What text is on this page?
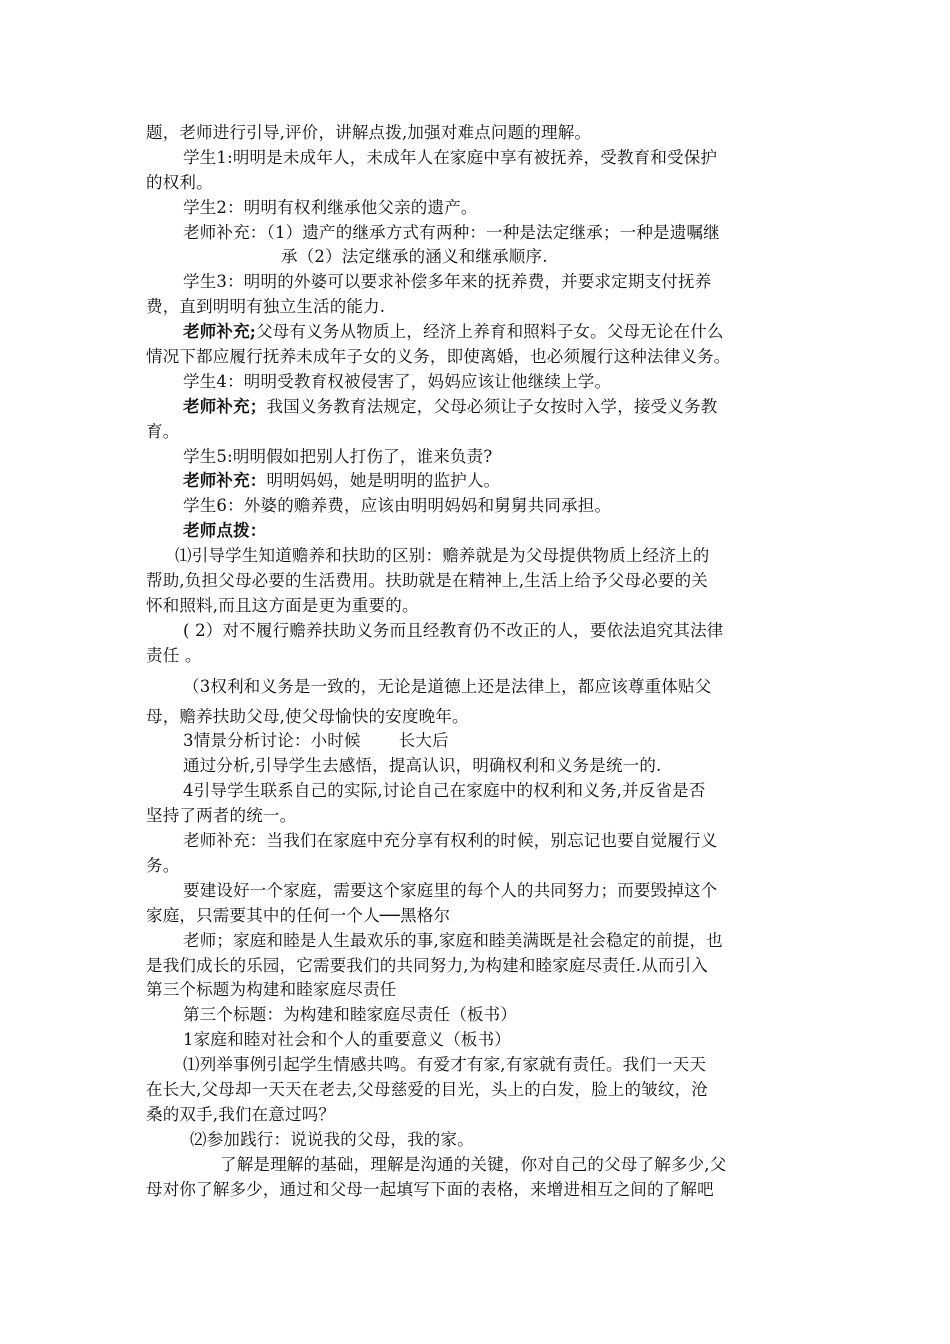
题，老师进行引导,评价，讲解点拨,加强对难点问题的理解。
学生1:明明是未成年人，未成年人在家庭中享有被抚养，受教育和受保护
的权利。
学生2：明明有权利继承他父亲的遗产。
老师补充：（1）遗产的继承方式有两种：一种是法定继承；一种是遗嘱继
承（2）法定继承的涵义和继承顺序.
学生3：明明的外婆可以要求补偿多年来的抚养费，并要求定期支付抚养
费，直到明明有独立生活的能力.
老师补充;父母有义务从物质上，经济上养育和照料子女。父母无论在什么
情况下都应履行抚养未成年子女的义务，即使离婚，也必须履行这种法律义务。
学生4：明明受教育权被侵害了，妈妈应该让他继续上学。
老师补充；我国义务教育法规定，父母必须让子女按时入学，接受义务教
育。
学生5:明明假如把别人打伤了，谁来负责?
老师补充：明明妈妈，她是明明的监护人。
学生6：外婆的赡养费，应该由明明妈妈和舅舅共同承担。
老师点拨：
⑴引导学生知道赡养和扶助的区别：赡养就是为父母提供物质上经济上的
帮助,负担父母必要的生活费用。扶助就是在精神上,生活上给予父母必要的关
怀和照料,而且这方面是更为重要的。
( 2）对不履行赡养扶助义务而且经教育仍不改正的人，要依法追究其法律
责任 。
（3权利和义务是一致的，无论是道德上还是法律上，都应该尊重体贴父
母，赡养扶助父母,使父母愉快的安度晚年。
3情景分析讨论：小时候 长大后
通过分析,引导学生去感悟，提高认识，明确权利和义务是统一的.
4引导学生联系自己的实际,讨论自己在家庭中的权利和义务,并反省是否
坚持了两者的统一。
老师补充：当我们在家庭中充分享有权利的时候，别忘记也要自觉履行义
务。
要建设好一个家庭，需要这个家庭里的每个人的共同努力；而要毁掉这个
家庭，只需要其中的任何一个人──黑格尔
老师；家庭和睦是人生最欢乐的事,家庭和睦美满既是社会稳定的前提，也
是我们成长的乐园，它需要我们的共同努力,为构建和睦家庭尽责任.从而引入
第三个标题为构建和睦家庭尽责任
第三个标题：为构建和睦家庭尽责任（板书）
1家庭和睦对社会和个人的重要意义（板书）
⑴列举事例引起学生情感共鸣。有爱才有家,有家就有责任。我们一天天
在长大,父母却一天天在老去,父母慈爱的目光，头上的白发，脸上的皱纹，沧
桑的双手,我们在意过吗？
⑵参加践行：说说我的父母，我的家。
了解是理解的基础，理解是沟通的关键，你对自己的父母了解多少,父
母对你了解多少，通过和父母一起填写下面的表格，来增进相互之间的了解吧
